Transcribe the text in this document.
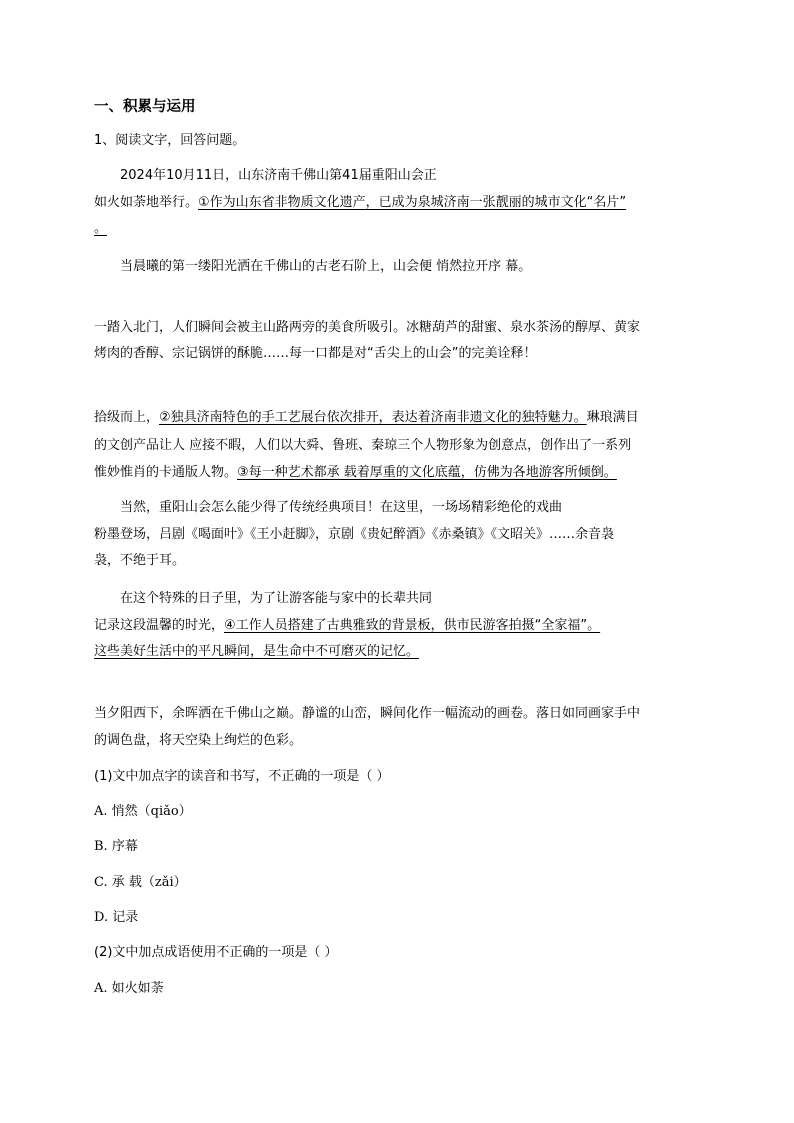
一、积累与运用
1、阅读文字，回答问题。
2024年10月11日，山东济南千佛山第41届重阳山会正
如火如荼地举行。①作为山东省非物质文化遗产，已成为泉城济南一张靓丽的城市文化“名片”
。
当晨曦的第一缕阳光洒在千佛山的古老石阶上，山会便 悄然拉开序 幕。
一踏入北门，人们瞬间会被主山路两旁的美食所吸引。冰糖葫芦的甜蜜、泉水茶汤的醇厚、黄家
烤肉的香醇、宗记锅饼的酥脆……每一口都是对“舌尖上的山会”的完美诠释！
拾级而上，②独具济南特色的手工艺展台依次排开，表达着济南非遗文化的独特魅力。琳琅满目
的文创产品让人 应接不暇，人们以大舜、鲁班、秦琼三个人物形象为创意点，创作出了一系列
惟妙惟肖的卡通版人物。③每一种艺术都承 载着厚重的文化底蕴，仿佛为各地游客所倾倒。
当然，重阳山会怎么能少得了传统经典项目！在这里，一场场精彩绝伦的戏曲
粉墨登场，吕剧《喝面叶》《王小赶脚》，京剧《贵妃醉酒》《赤桑镇》《文昭关》……余音袅
袅，不绝于耳。
在这个特殊的日子里，为了让游客能与家中的长辈共同
记录这段温馨的时光，④工作人员搭建了古典雅致的背景板，供市民游客拍摄“全家福”。
这些美好生活中的平凡瞬间，是生命中不可磨灭的记忆。
当夕阳西下，余晖洒在千佛山之巅。静谧的山峦，瞬间化作一幅流动的画卷。落日如同画家手中
的调色盘，将天空染上绚烂的色彩。
(1)文中加点字的读音和书写，不正确的一项是（ ）
A. 悄然（qiǎo）
B. 序幕
C. 承 载（zǎi）
D. 记录
(2)文中加点成语使用不正确的一项是（ ）
A. 如火如荼
